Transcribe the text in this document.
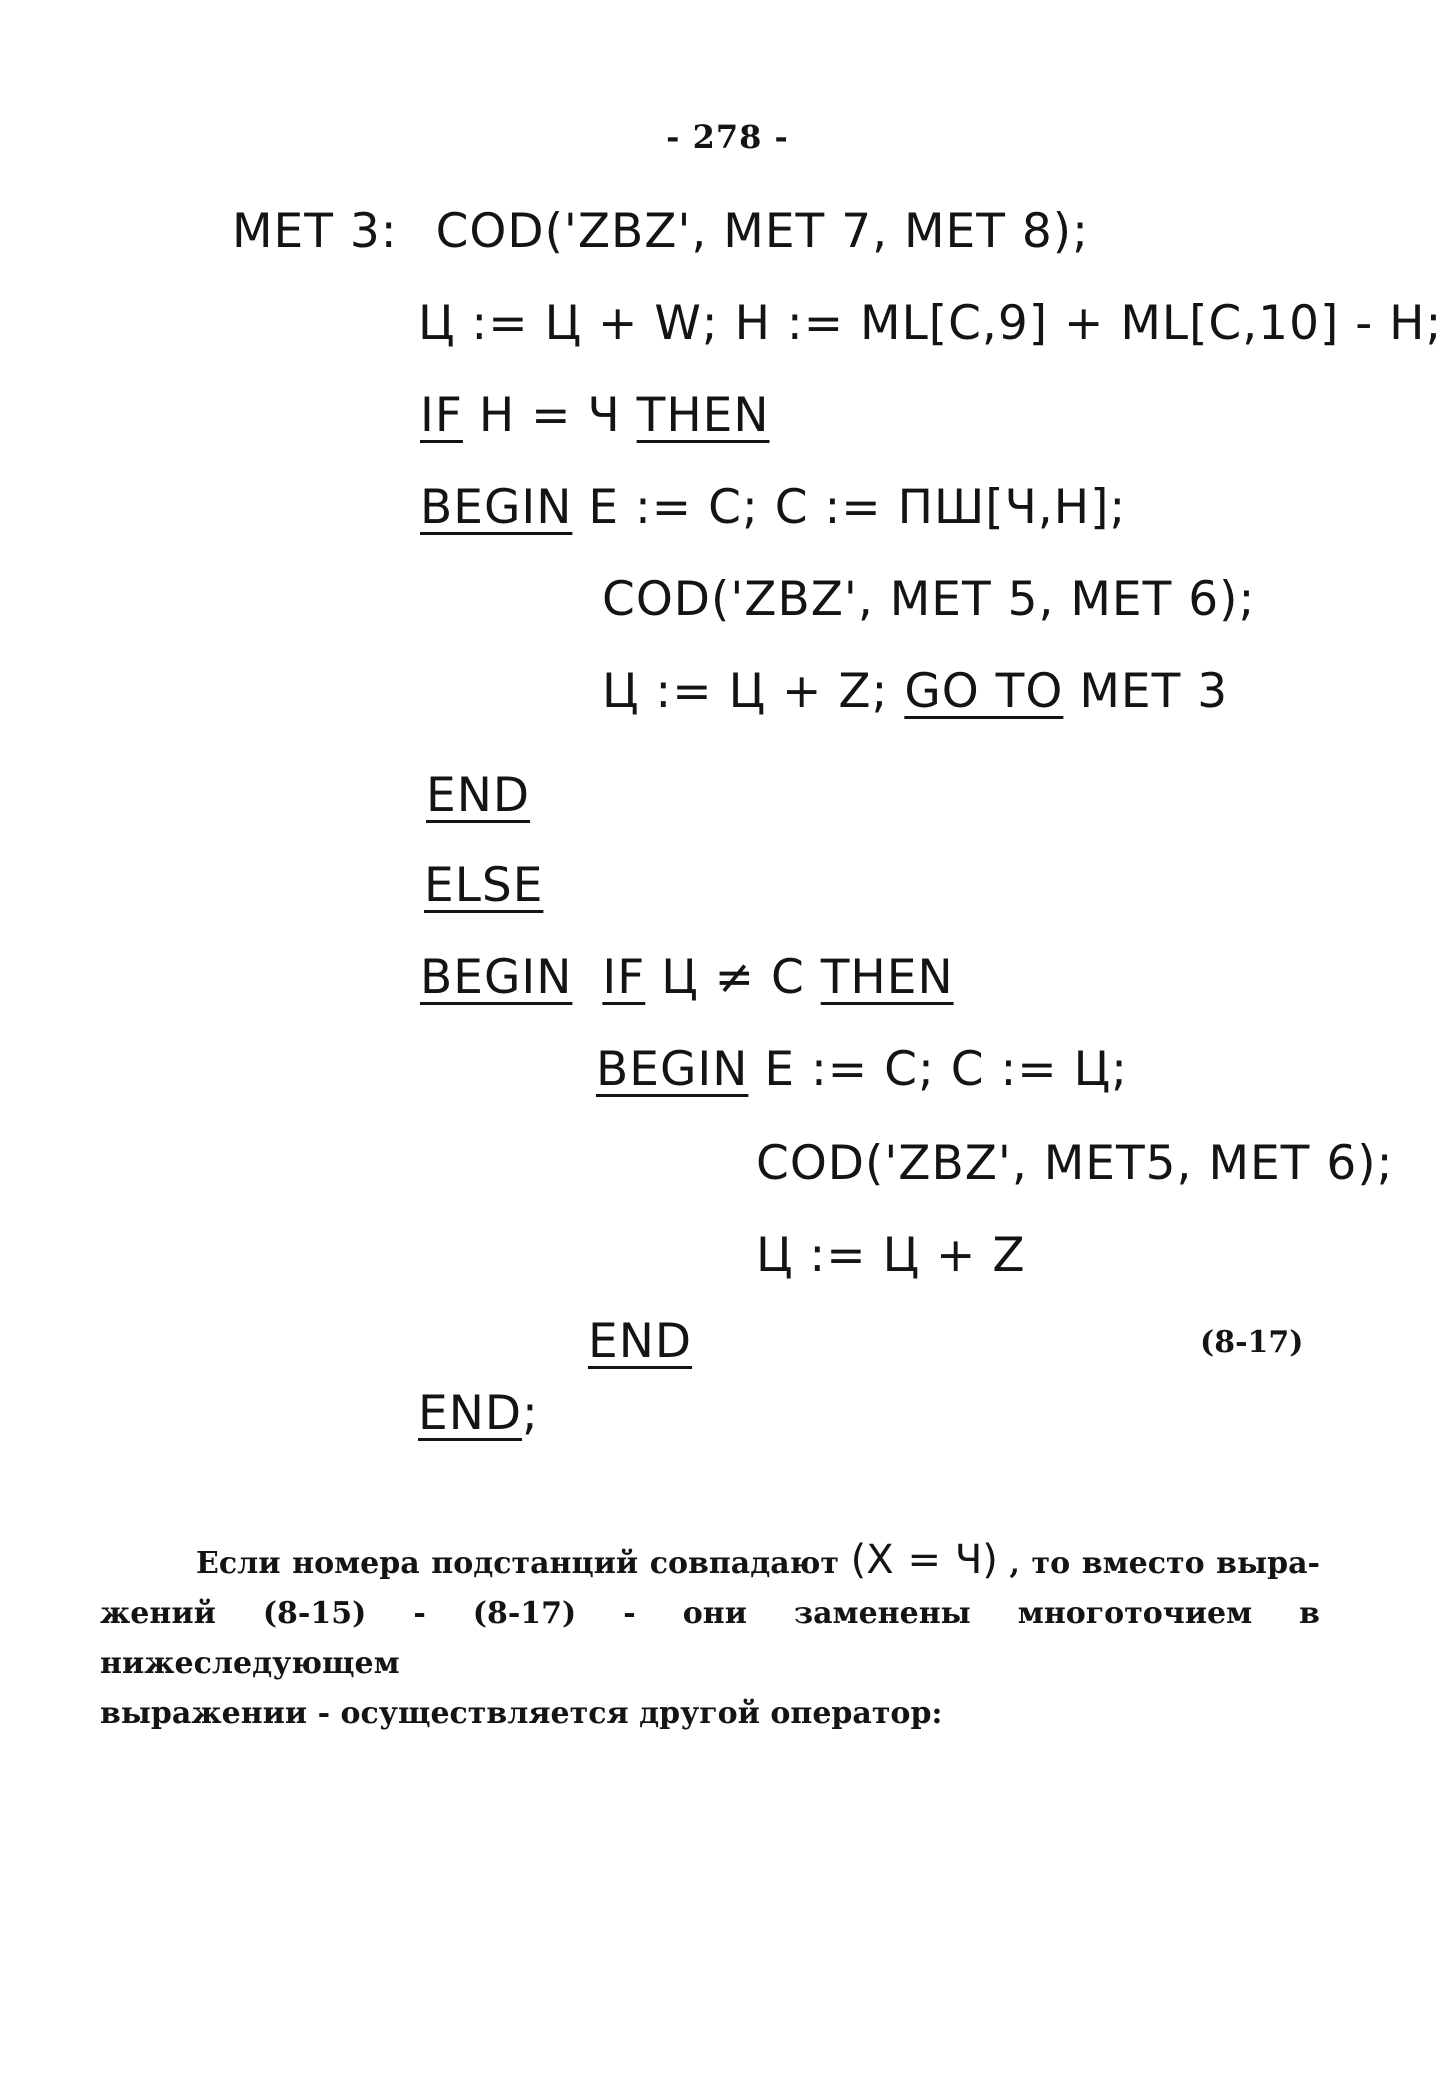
- 278 -
МЕТ 3: COD('ZBZ', МЕТ 7, МЕТ 8);
Ц := Ц + W; Н := ML[С,9] + ML[С,10] - Н;
IF Н = Ч THEN
BEGIN Е := С; С := ПШ[Ч,Н];
COD('ZBZ', МЕТ 5, МЕТ 6);
Ц := Ц + Z; GO TO МЕТ 3
END
ELSE
BEGIN IF Ц ≠ С THEN
BEGIN Е := С; С := Ц;
COD('ZBZ', МЕТ5, МЕТ 6);
Ц := Ц + Z
END	(8-17)
END;
Если номера подстанций совпадают (X = Ч) , то вместо выра-
жений (8-15) - (8-17) - они заменены многоточием в нижеследующем
выражении - осуществляется другой оператор:
